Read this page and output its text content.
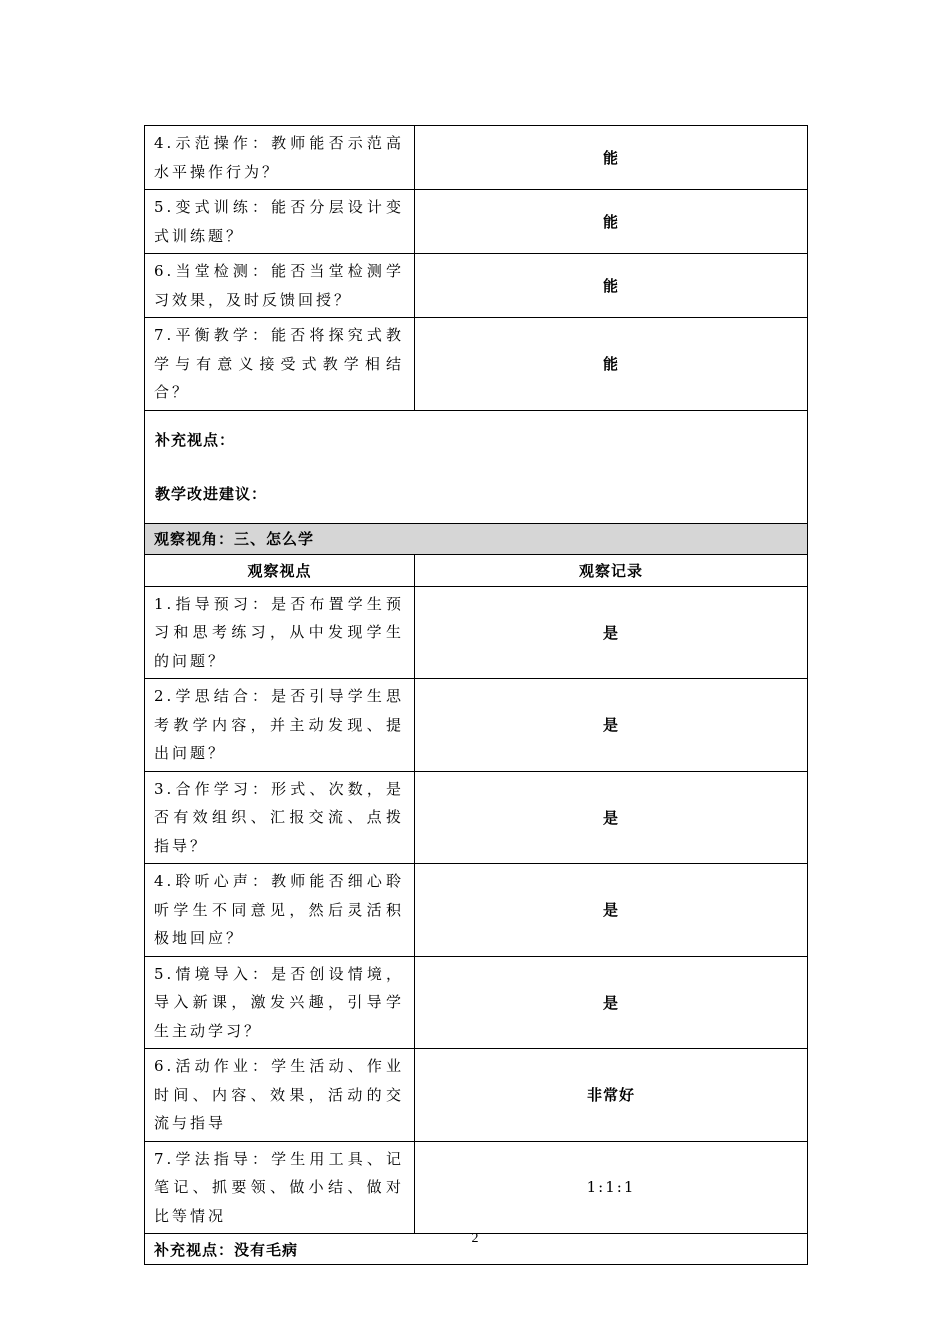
4.示范操作：教师能否示范高水平操作行为？	能
5.变式训练：能否分层设计变式训练题？	能
6.当堂检测：能否当堂检测学习效果，及时反馈回授？	能
7.平衡教学：能否将探究式教学与有意义接受式教学相结合？	能

补充视点：
教学改进建议：	

观察视角：三、怎么学	
观察视点	观察记录
1.指导预习：是否布置学生预习和思考练习，从中发现学生的问题？	是
2.学思结合：是否引导学生思考教学内容，并主动发现、提出问题？	是
3.合作学习：形式、次数，是否有效组织、汇报交流、点拨指导？	是
4.聆听心声：教师能否细心聆听学生不同意见，然后灵活积极地回应？	是
5.情境导入：是否创设情境，导入新课，激发兴趣，引导学生主动学习？	是
6.活动作业：学生活动、作业时间、内容、效果，活动的交流与指导	非常好
7.学法指导：学生用工具、记笔记、抓要领、做小结、做对比等情况	1:1:1
补充视点：没有毛病	
2
